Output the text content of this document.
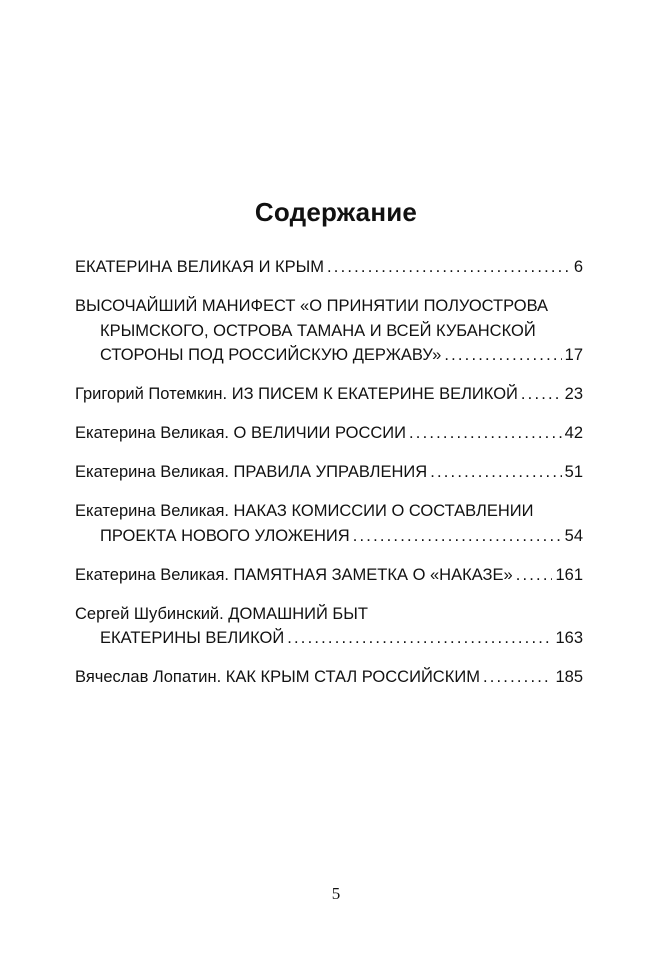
Содержание
ЕКАТЕРИНА ВЕЛИКАЯ И КРЫМ .....	6
ВЫСОЧАЙШИЙ МАНИФЕСТ «О ПРИНЯТИИ ПОЛУОСТРОВА
КРЫМСКОГО, ОСТРОВА ТАМАНА И ВСЕЙ КУБАНСКОЙ
СТОРОНЫ ПОД РОССИЙСКУЮ ДЕРЖАВУ» .....	17
Григорий Потемкин. ИЗ ПИСЕМ К ЕКАТЕРИНЕ ВЕЛИКОЙ .....	23
Екатерина Великая. О ВЕЛИЧИИ РОССИИ .....	42
Екатерина Великая. ПРАВИЛА УПРАВЛЕНИЯ .....	51
Екатерина Великая. НАКАЗ КОМИССИИ О СОСТАВЛЕНИИ
ПРОЕКТА НОВОГО УЛОЖЕНИЯ .....	54
Екатерина Великая. ПАМЯТНАЯ ЗАМЕТКА О «НАКАЗЕ» .....	161
Сергей Шубинский. ДОМАШНИЙ БЫТ
ЕКАТЕРИНЫ ВЕЛИКОЙ .....	163
Вячеслав Лопатин. КАК КРЫМ СТАЛ РОССИЙСКИМ .....	185
5
